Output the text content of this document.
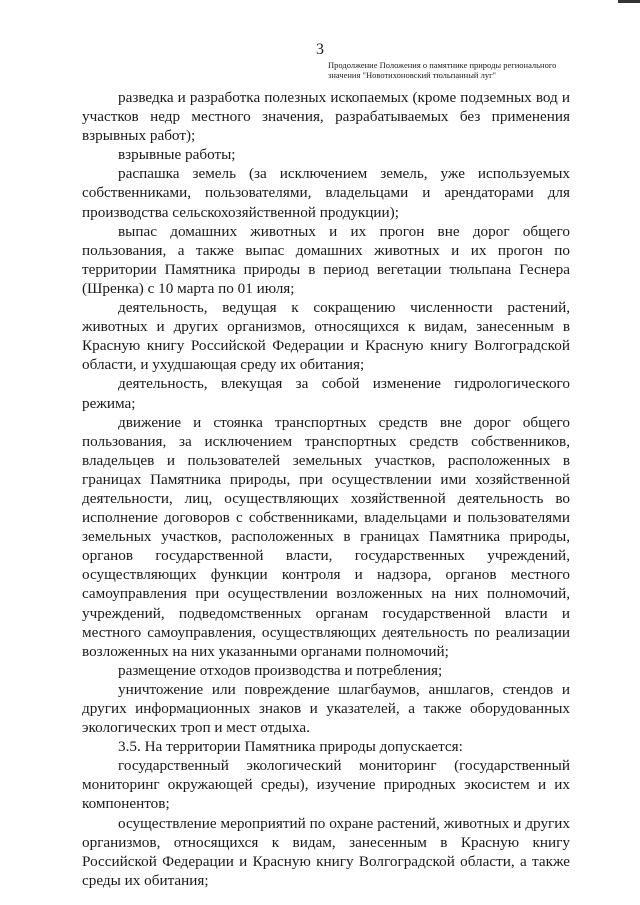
3
Продолжение Положения о памятнике природы регионального значения "Новотихоновский тюльпанный луг"

разведка и разработка полезных ископаемых (кроме подземных вод и участков недр местного значения, разрабатываемых без применения взрывных работ);

взрывные работы;

распашка земель (за исключением земель, уже используемых собственниками, пользователями, владельцами и арендаторами для производства сельскохозяйственной продукции);

выпас домашних животных и их прогон вне дорог общего пользования, а также выпас домашних животных и их прогон по территории Памятника природы в период вегетации тюльпана Геснера (Шренка) с 10 марта по 01 июля;

деятельность, ведущая к сокращению численности растений, животных и других организмов, относящихся к видам, занесенным в Красную книгу Российской Федерации и Красную книгу Волгоградской области, и ухудшающая среду их обитания;

деятельность, влекущая за собой изменение гидрологического режима;

движение и стоянка транспортных средств вне дорог общего пользования, за исключением транспортных средств собственников, владельцев и пользователей земельных участков, расположенных в границах Памятника природы, при осуществлении ими хозяйственной деятельности, лиц, осуществляющих хозяйственной деятельность во исполнение договоров с собственниками, владельцами и пользователями земельных участков, расположенных в границах Памятника природы, органов государственной власти, государственных учреждений, осуществляющих функции контроля и надзора, органов местного самоуправления при осуществлении возложенных на них полномочий, учреждений, подведомственных органам государственной власти и местного самоуправления, осуществляющих деятельность по реализации возложенных на них указанными органами полномочий;

размещение отходов производства и потребления;

уничтожение или повреждение шлагбаумов, аншлагов, стендов и других информационных знаков и указателей, а также оборудованных экологических троп и мест отдыха.

3.5. На территории Памятника природы допускается:

государственный экологический мониторинг (государственный мониторинг окружающей среды), изучение природных экосистем и их компонентов;

осуществление мероприятий по охране растений, животных и других организмов, относящихся к видам, занесенным в Красную книгу Российской Федерации и Красную книгу Волгоградской области, а также среды их обитания;
